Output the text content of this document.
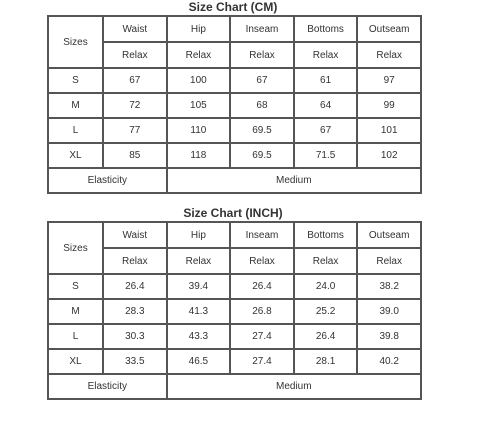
Size Chart (CM)
Sizes	Waist	Hip	Inseam	Bottoms	Outseam
	Relax	Relax	Relax	Relax	Relax
S	67	100	67	61	97
M	72	105	68	64	99
L	77	110	69.5	67	101
XL	85	118	69.5	71.5	102
Elasticity		Medium			
Size Chart (INCH)
Sizes	Waist	Hip	Inseam	Bottoms	Outseam
	Relax	Relax	Relax	Relax	Relax
S	26.4	39.4	26.4	24.0	38.2
M	28.3	41.3	26.8	25.2	39.0
L	30.3	43.3	27.4	26.4	39.8
XL	33.5	46.5	27.4	28.1	40.2
Elasticity		Medium			
